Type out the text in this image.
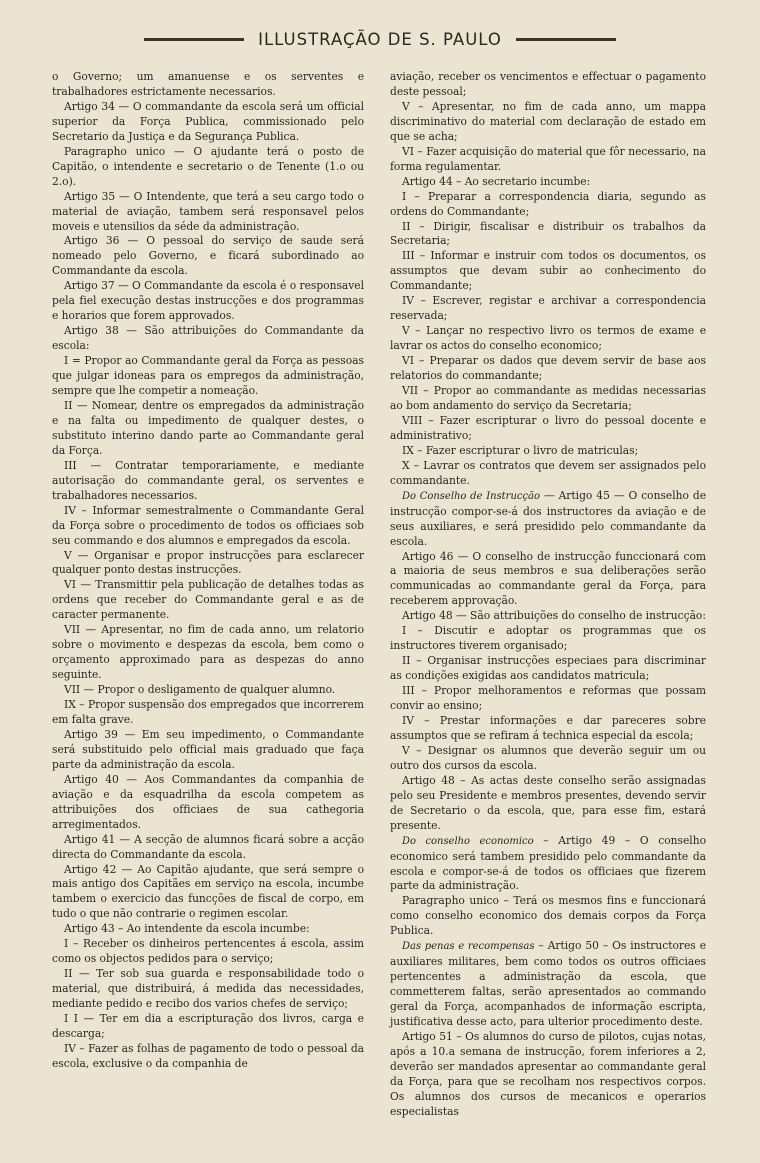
ILLUSTRAÇÃO DE S. PAULO

o Governo; um amanuense e os serventes e trabalhadores estrictamente necessarios.

Artigo 34 — O commandante da escola será um official superior da Força Publica, commissionado pelo Secretario da Justiça e da Segurança Publica.

Paragrapho unico — O ajudante terá o posto de Capitão, o intendente e secretario o de Tenente (1.o ou 2.o).

Artigo 35 — O Intendente, que terá a seu cargo todo o material de aviação, tambem será responsavel pelos moveis e utensilios da séde da administração.

Artigo 36 — O pessoal do serviço de saude será nomeado pelo Governo, e ficará subordinado ao Commandante da escola.

Artigo 37 — O Commandante da escola é o responsavel pela fiel execução destas instrucções e dos programmas e horarios que forem approvados.

Artigo 38 — São attribuições do Commandante da escola:

I = Propor ao Commandante geral da Força as pessoas que julgar idoneas para os empregos da administração, sempre que lhe competir a nomeação.

II — Nomear, dentre os empregados da administração e na falta ou impedimento de qualquer destes, o substituto interino dando parte ao Commandante geral da Força.

III — Contratar temporariamente, e mediante autorisação do commandante geral, os serventes e trabalhadores necessarios.

IV – Informar semestralmente o Commandante Geral da Força sobre o procedimento de todos os officiaes sob seu commando e dos alumnos e empregados da escola.

V — Organisar e propor instrucções para esclarecer qualquer ponto destas instrucções.

VI — Transmittir pela publicação de detalhes todas as ordens que receber do Commandante geral e as de caracter permanente.

VII — Apresentar, no fim de cada anno, um relatorio sobre o movimento e despezas da escola, bem como o orçamento approximado para as despezas do anno seguinte.

VII — Propor o desligamento de qualquer alumno.

IX – Propor suspensão dos empregados que incorrerem em falta grave.

Artigo 39 — Em seu impedimento, o Commandante será substituido pelo official mais graduado que faça parte da administração da escola.

Artigo 40 — Aos Commandantes da companhia de aviação e da esquadrilha da escola competem as attribuições dos officiaes de sua cathegoria arregimentados.

Artigo 41 — A secção de alumnos ficará sobre a acção directa do Commandante da escola.

Artigo 42 — Ao Capitão ajudante, que será sempre o mais antigo dos Capitães em serviço na escola, incumbe tambem o exercicio das funcções de fiscal de corpo, em tudo o que não contrarie o regimen escolar.

Artigo 43 – Ao intendente da escola incumbe:

I – Receber os dinheiros pertencentes á escola, assim como os objectos pedidos para o serviço;

II — Ter sob sua guarda e responsabilidade todo o material, que distribuirá, á medida das necessidades, mediante pedido e recibo dos varios chefes de serviço;

I I — Ter em dia a escripturação dos livros, carga e descarga;

IV – Fazer as folhas de pagamento de todo o pessoal da escola, exclusive o da companhia de

aviação, receber os vencimentos e effectuar o pagamento deste pessoal;

V – Apresentar, no fim de cada anno, um mappa discriminativo do material com declaração de estado em que se acha;

VI – Fazer acquisição do material que fôr necessario, na forma regulamentar.

Artigo 44 – Ao secretario incumbe:

I – Preparar a correspondencia diaria, segundo as ordens do Commandante;

II – Dirigir, fiscalisar e distribuir os trabalhos da Secretaria;

III – Informar e instruir com todos os documentos, os assumptos que devam subir ao conhecimento do Commandante;

IV – Escrever, registar e archivar a correspondencia reservada;

V – Lançar no respectivo livro os termos de exame e lavrar os actos do conselho economico;

VI – Preparar os dados que devem servir de base aos relatorios do commandante;

VII – Propor ao commandante as medidas necessarias ao bom andamento do serviço da Secretaria;

VIII – Fazer escripturar o livro do pessoal docente e administrativo;

IX – Fazer escripturar o livro de matriculas;

X – Lavrar os contratos que devem ser assignados pelo commandante.

Do Conselho de Instrucção — Artigo 45 — O conselho de instrucção compor-se-á dos instructores da aviação e de seus auxiliares, e será presidido pelo commandante da escola.

Artigo 46 — O conselho de instrucção funccionará com a maioria de seus membros e sua deliberações serão communicadas ao commandante geral da Força, para receberem approvação.

Artigo 48 — São attribuições do conselho de instrucção:

I – Discutir e adoptar os programmas que os instructores tiverem organisado;

II – Organisar instrucções especiaes para discriminar as condições exigidas aos candidatos matricula;

III – Propor melhoramentos e reformas que possam convir ao ensino;

IV – Prestar informações e dar pareceres sobre assumptos que se refiram á technica especial da escola;

V – Designar os alumnos que deverão seguir um ou outro dos cursos da escola.

Artigo 48 – As actas deste conselho serão assignadas pelo seu Presidente e membros presentes, devendo servir de Secretario o da escola, que, para esse fim, estará presente.

Do conselho economico – Artigo 49 – O conselho economico será tambem presidido pelo commandante da escola e compor-se-á de todos os officiaes que fizerem parte da administração.

Paragrapho unico – Terá os mesmos fins e funccionará como conselho economico dos demais corpos da Força Publica.

Das penas e recompensas – Artigo 50 – Os instructores e auxiliares militares, bem como todos os outros officiaes pertencentes a administração da escola, que commetterem faltas, serão apresentados ao commando geral da Força, acompanhados de informação escripta, justificativa desse acto, para ulterior procedimento deste.

Artigo 51 – Os alumnos do curso de pilotos, cujas notas, após a 10.a semana de instrucção, forem inferiores a 2, deverão ser mandados apresentar ao commandante geral da Força, para que se recolham nos respectivos corpos. Os alumnos dos cursos de mecanicos e operarios especialistas
